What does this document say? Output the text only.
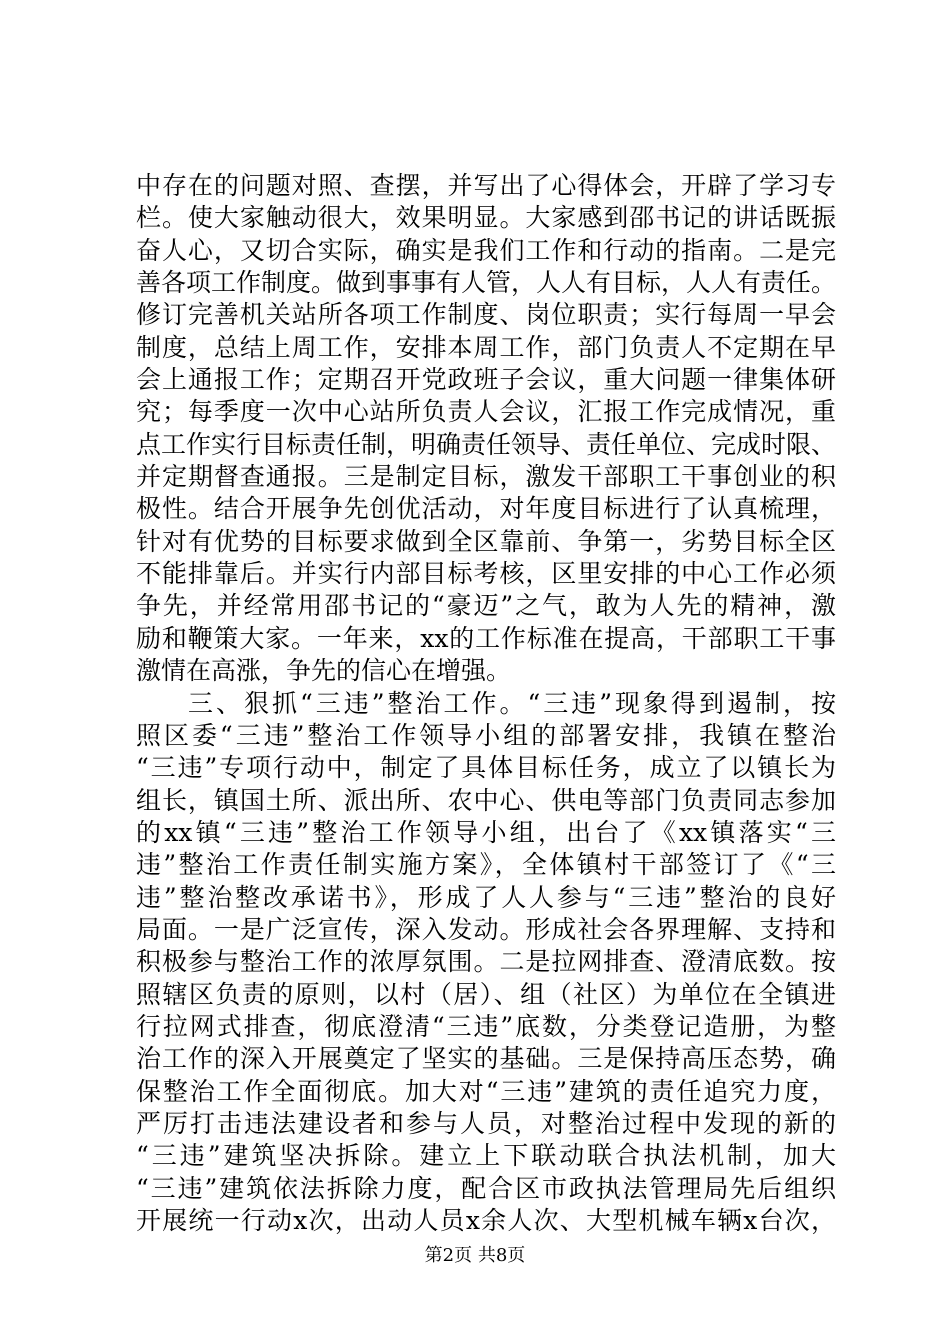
中存在的问题对照、查摆，并写出了心得体会，开辟了学习专
栏。使大家触动很大，效果明显。大家感到邵书记的讲话既振
奋人心，又切合实际，确实是我们工作和行动的指南。二是完
善各项工作制度。做到事事有人管，人人有目标，人人有责任。
修订完善机关站所各项工作制度、岗位职责；实行每周一早会
制度，总结上周工作，安排本周工作，部门负责人不定期在早
会上通报工作；定期召开党政班子会议，重大问题一律集体研
究；每季度一次中心站所负责人会议，汇报工作完成情况，重
点工作实行目标责任制，明确责任领导、责任单位、完成时限、
并定期督查通报。三是制定目标，激发干部职工干事创业的积
极性。结合开展争先创优活动，对年度目标进行了认真梳理，
针对有优势的目标要求做到全区靠前、争第一，劣势目标全区
不能排靠后。并实行内部目标考核，区里安排的中心工作必须
争先，并经常用邵书记的“豪迈”之气，敢为人先的精神，激
励和鞭策大家。一年来，xx的工作标准在提高，干部职工干事
激情在高涨，争先的信心在增强。
三、狠抓“三违”整治工作。“三违”现象得到遏制，按
照区委“三违”整治工作领导小组的部署安排，我镇在整治
“三违”专项行动中，制定了具体目标任务，成立了以镇长为
组长，镇国土所、派出所、农中心、供电等部门负责同志参加
的xx镇“三违”整治工作领导小组，出台了《xx镇落实“三
违”整治工作责任制实施方案》，全体镇村干部签订了《“三
违”整治整改承诺书》，形成了人人参与“三违”整治的良好
局面。一是广泛宣传，深入发动。形成社会各界理解、支持和
积极参与整治工作的浓厚氛围。二是拉网排查、澄清底数。按
照辖区负责的原则，以村（居）、组（社区）为单位在全镇进
行拉网式排查，彻底澄清“三违”底数，分类登记造册，为整
治工作的深入开展奠定了坚实的基础。三是保持高压态势，确
保整治工作全面彻底。加大对“三违”建筑的责任追究力度，
严厉打击违法建设者和参与人员，对整治过程中发现的新的
“三违”建筑坚决拆除。建立上下联动联合执法机制，加大
“三违”建筑依法拆除力度，配合区市政执法管理局先后组织
开展统一行动x次，出动人员x余人次、大型机械车辆x台次，
第2页 共8页
